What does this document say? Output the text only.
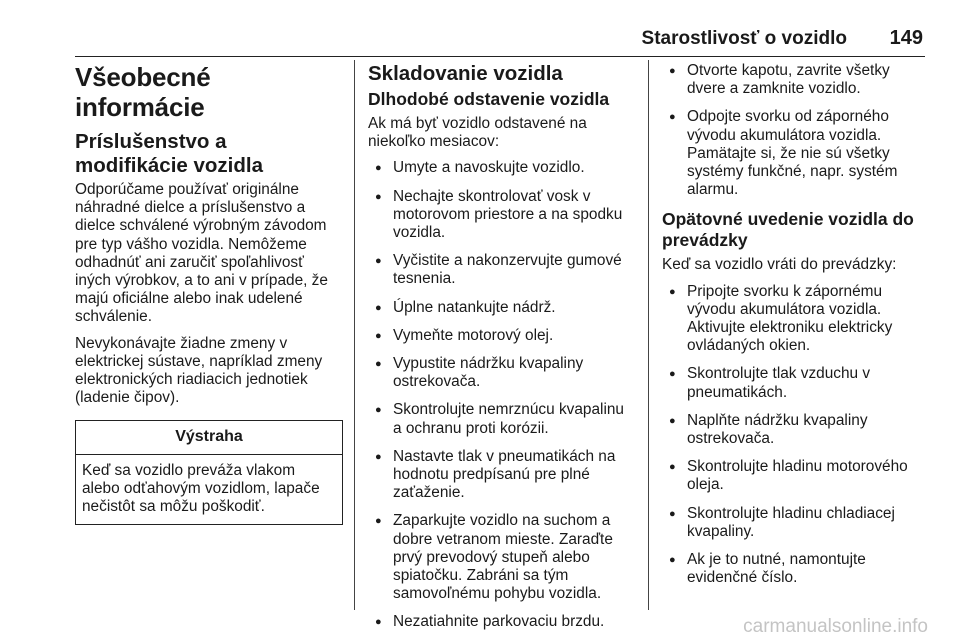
Starostlivosť o vozidlo 149
Všeobecné informácie
Príslušenstvo a modifikácie vozidla

Odporúčame používať originálne náhradné dielce a príslušenstvo a dielce schválené výrobným závodom pre typ vášho vozidla. Nemôžeme odhadnúť ani zaručiť spoľahlivosť iných výrobkov, a to ani v prípade, že majú oficiálne alebo inak udelené schválenie.

Nevykonávajte žiadne zmeny v elektrickej sústave, napríklad zmeny elektronických riadiacich jednotiek (ladenie čipov).

Výstraha
Keď sa vozidlo preváža vlakom alebo odťahovým vozidlom, lapače nečistôt sa môžu poškodiť.
Skladovanie vozidla
Dlhodobé odstavenie vozidla

Ak má byť vozidlo odstavené na niekoľko mesiacov:

● Umyte a navoskujte vozidlo.
● Nechajte skontrolovať vosk v motorovom priestore a na spodku vozidla.
● Vyčistite a nakonzervujte gumové tesnenia.
● Úplne natankujte nádrž.
● Vymeňte motorový olej.
● Vypustite nádržku kvapaliny ostrekovača.
● Skontrolujte nemrznúcu kvapalinu a ochranu proti korózii.
● Nastavte tlak v pneumatikách na hodnotu predpísanú pre plné zaťaženie.
● Zaparkujte vozidlo na suchom a dobre vetranom mieste. Zaraďte prvý prevodový stupeň alebo spiatočku. Zabráni sa tým samovoľnému pohybu vozidla.
● Nezatiahnite parkovaciu brzdu.
● Otvorte kapotu, zavrite všetky dvere a zamknite vozidlo.
● Odpojte svorku od záporného vývodu akumulátora vozidla. Pamätajte si, že nie sú všetky systémy funkčné, napr. systém alarmu.
Opätovné uvedenie vozidla do prevádzky

Keď sa vozidlo vráti do prevádzky:

● Pripojte svorku k zápornému vývodu akumulátora vozidla. Aktivujte elektroniku elektricky ovládaných okien.
● Skontrolujte tlak vzduchu v pneumatikách.
● Naplňte nádržku kvapaliny ostrekovača.
● Skontrolujte hladinu motorového oleja.
● Skontrolujte hladinu chladiacej kvapaliny.
● Ak je to nutné, namontujte evidenčné číslo.
carmanualsonline.info
